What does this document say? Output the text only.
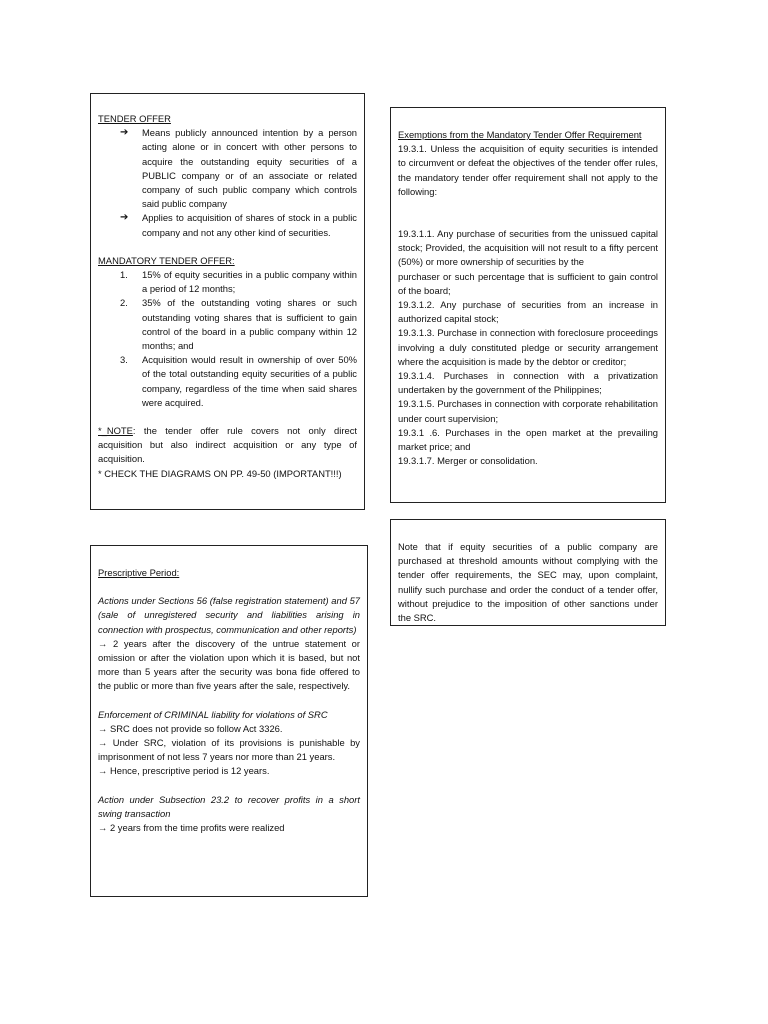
TENDER OFFER

➔	Means publicly announced intention by a person acting alone or in concert with other persons to acquire the outstanding equity securities of a PUBLIC company or of an associate or related company of such public company which controls said public company
➔	Applies to acquisition of shares of stock in a public company and not any other kind of securities.

MANDATORY TENDER OFFER:

1.	15% of equity securities in a public company within a period of 12 months;
2.	35% of the outstanding voting shares or such outstanding voting shares that is sufficient to gain control of the board in a public company within 12 months; and
3.	Acquisition would result in ownership of over 50% of the total outstanding equity securities of a public company, regardless of the time when said shares were acquired.

*_NOTE: the tender offer rule covers not only direct acquisition but also indirect acquisition or any type of acquisition.

* CHECK THE DIAGRAMS ON PP. 49-50 (IMPORTANT!!!)

Exemptions from the Mandatory Tender Offer Requirement

19.3.1. Unless the acquisition of equity securities is intended to circumvent or defeat the objectives of the tender offer rules, the mandatory tender offer requirement shall not apply to the following:

19.3.1.1. Any purchase of securities from the unissued capital stock; Provided, the acquisition will not result to a fifty percent (50%) or more ownership of securities by the

purchaser or such percentage that is sufficient to gain control of the board;

19.3.1.2. Any purchase of securities from an increase in authorized capital stock;

19.3.1.3. Purchase in connection with foreclosure proceedings involving a duly constituted pledge or security arrangement where the acquisition is made by the debtor or creditor;

19.3.1.4. Purchases in connection with a privatization undertaken by the government of the Philippines;

19.3.1.5. Purchases in connection with corporate rehabilitation under court supervision;

19.3.1 .6. Purchases in the open market at the prevailing market price; and

19.3.1.7. Merger or consolidation.

Note that if equity securities of a public company are purchased at threshold amounts without complying with the tender offer requirements, the SEC may, upon complaint, nullify such purchase and order the conduct of a tender offer, without prejudice to the imposition of other sanctions under the SRC.

Prescriptive Period:

Actions under Sections 56 (false registration statement) and 57 (sale of unregistered security and liabilities arising in connection with prospectus, communication and other reports)

→ 2 years after the discovery of the untrue statement or omission or after the violation upon which it is based, but not more than 5 years after the security was bona fide offered to the public or more than five years after the sale, respectively.

Enforcement of CRIMINAL liability for violations of SRC

→ SRC does not provide so follow Act 3326.

→ Under SRC, violation of its provisions is punishable by imprisonment of not less 7 years nor more than 21 years.

→ Hence, prescriptive period is 12 years.

Action under Subsection 23.2 to recover profits in a short swing transaction

→ 2 years from the time profits were realized
